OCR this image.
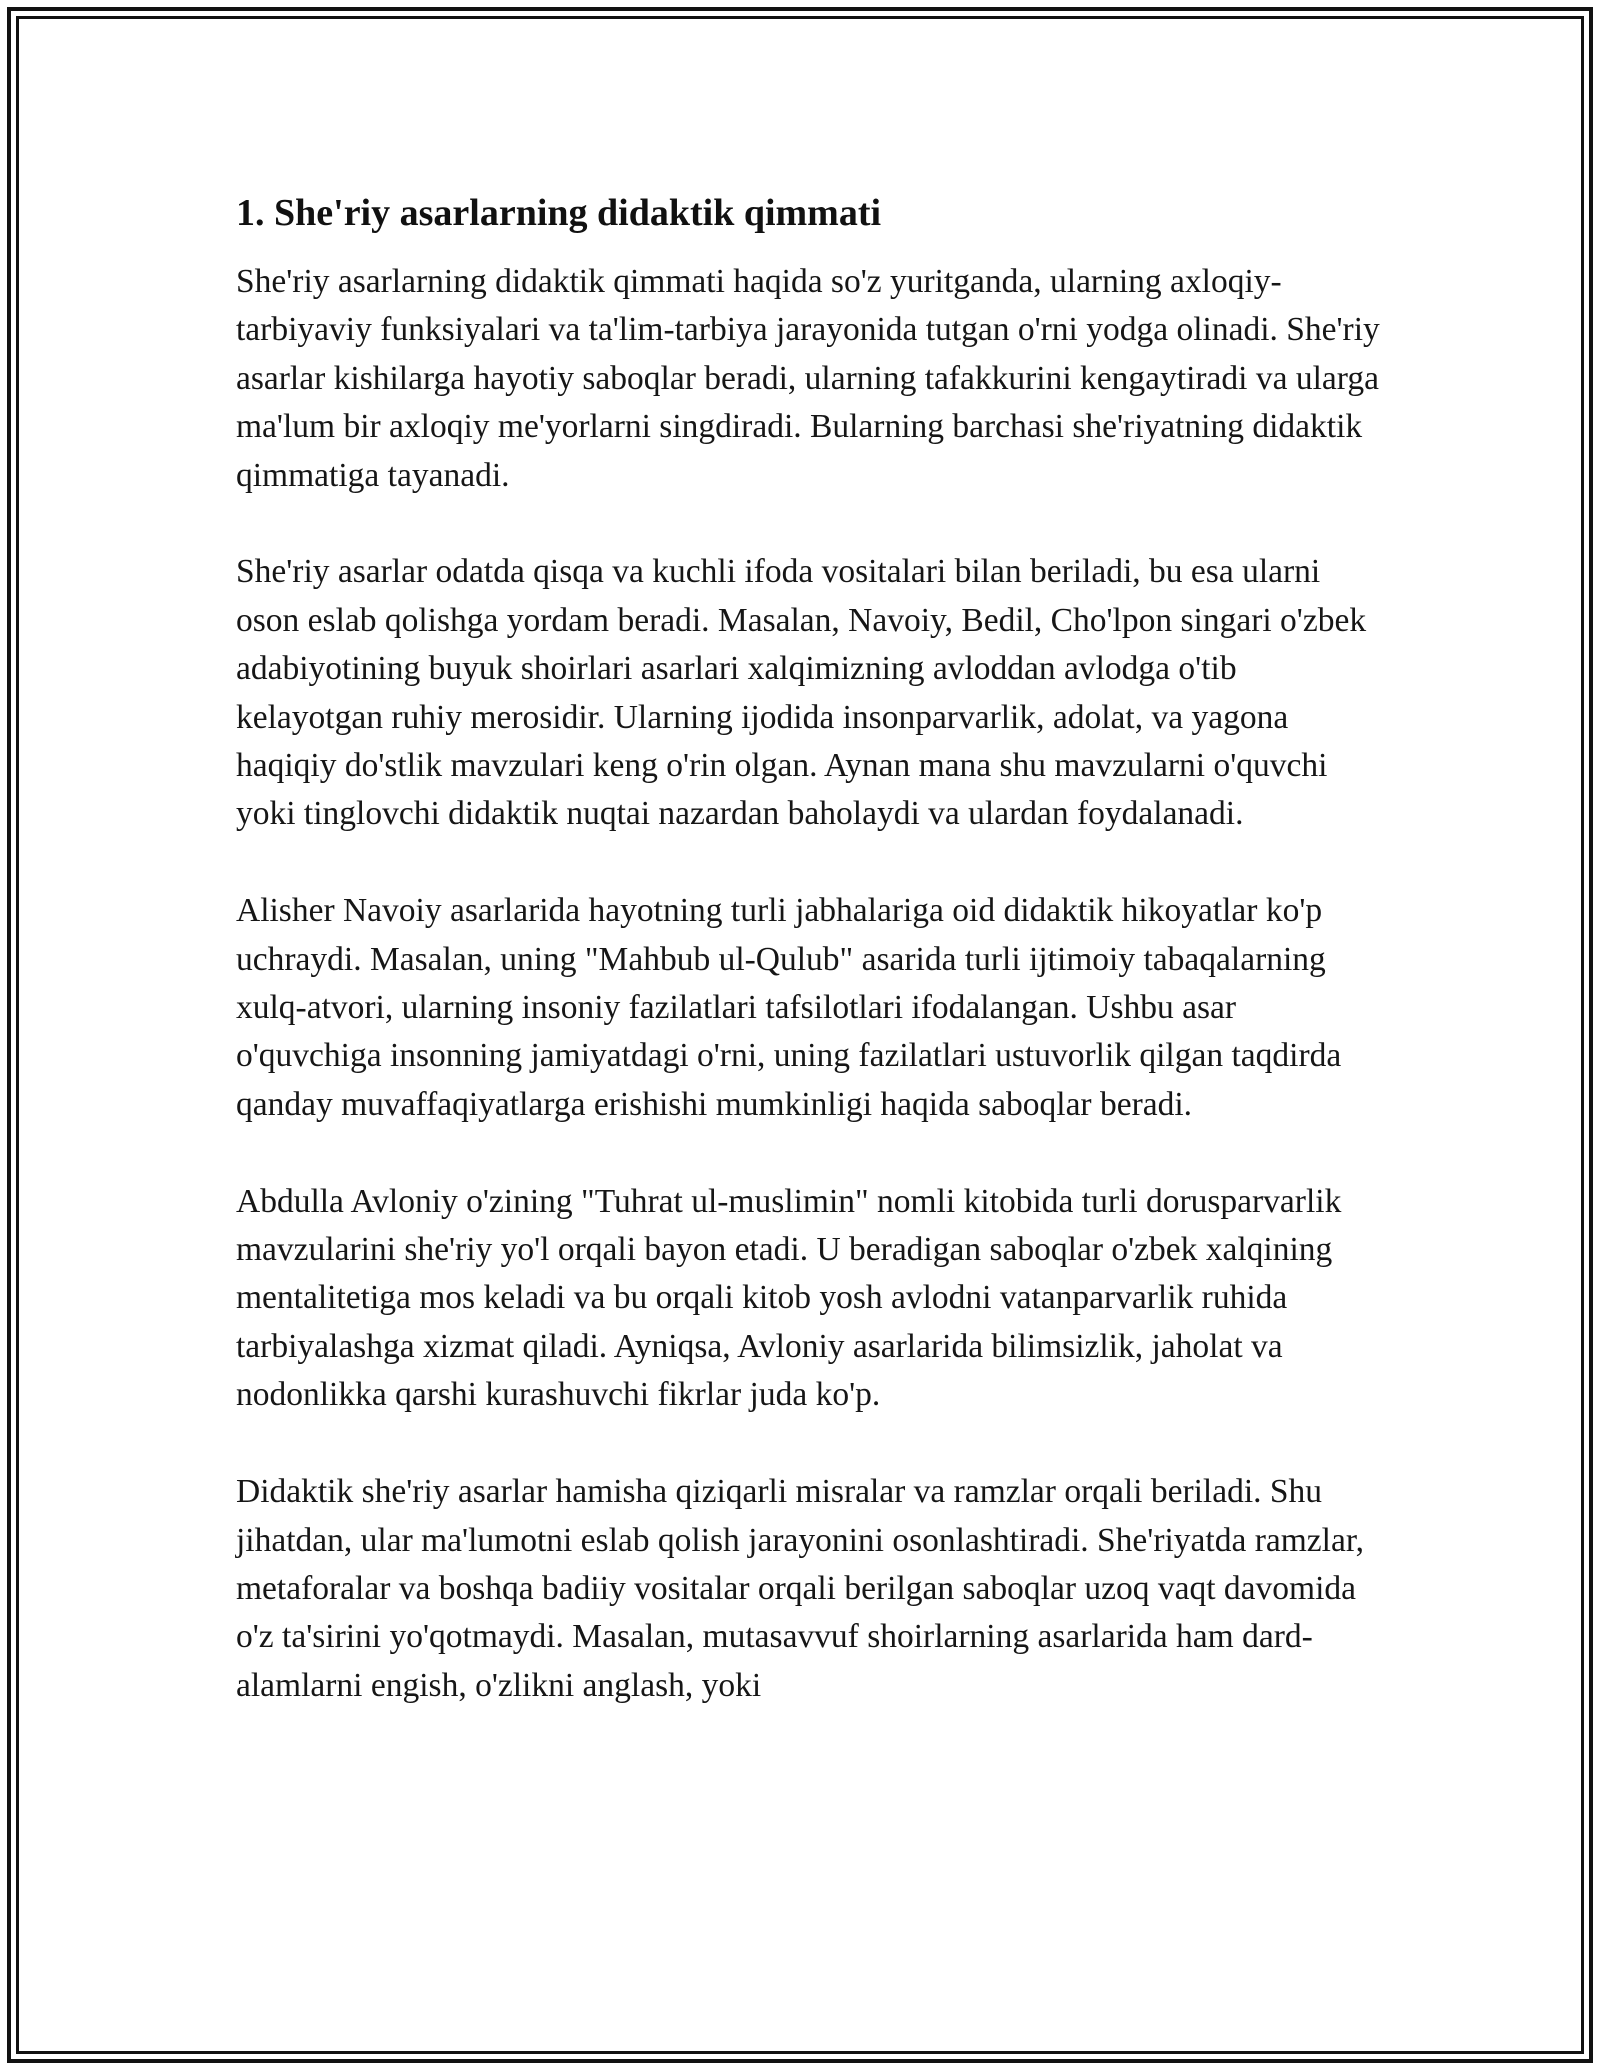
1. She'riy asarlarning didaktik qimmati

She'riy asarlarning didaktik qimmati haqida so'z yuritganda, ularning axloqiy-tarbiyaviy funksiyalari va ta'lim-tarbiya jarayonida tutgan o'rni yodga olinadi. She'riy asarlar kishilarga hayotiy saboqlar beradi, ularning tafakkurini kengaytiradi va ularga ma'lum bir axloqiy me'yorlarni singdiradi. Bularning barchasi she'riyatning didaktik qimmatiga tayanadi.

She'riy asarlar odatda qisqa va kuchli ifoda vositalari bilan beriladi, bu esa ularni oson eslab qolishga yordam beradi. Masalan, Navoiy, Bedil, Cho'lpon singari o'zbek adabiyotining buyuk shoirlari asarlari xalqimizning avloddan avlodga o'tib kelayotgan ruhiy merosidir. Ularning ijodida insonparvarlik, adolat, va yagona haqiqiy do'stlik mavzulari keng o'rin olgan. Aynan mana shu mavzularni o'quvchi yoki tinglovchi didaktik nuqtai nazardan baholaydi va ulardan foydalanadi.

Alisher Navoiy asarlarida hayotning turli jabhalariga oid didaktik hikoyatlar ko'p uchraydi. Masalan, uning "Mahbub ul-Qulub" asarida turli ijtimoiy tabaqalarning xulq-atvori, ularning insoniy fazilatlari tafsilotlari ifodalangan. Ushbu asar o'quvchiga insonning jamiyatdagi o'rni, uning fazilatlari ustuvorlik qilgan taqdirda qanday muvaffaqiyatlarga erishishi mumkinligi haqida saboqlar beradi.

Abdulla Avloniy o'zining "Tuhrat ul-muslimin" nomli kitobida turli dorusparvarlik mavzularini she'riy yo'l orqali bayon etadi. U beradigan saboqlar o'zbek xalqining mentalitetiga mos keladi va bu orqali kitob yosh avlodni vatanparvarlik ruhida tarbiyalashga xizmat qiladi. Ayniqsa, Avloniy asarlarida bilimsizlik, jaholat va nodonlikka qarshi kurashuvchi fikrlar juda ko'p.

Didaktik she'riy asarlar hamisha qiziqarli misralar va ramzlar orqali beriladi. Shu jihatdan, ular ma'lumotni eslab qolish jarayonini osonlashtiradi. She'riyatda ramzlar, metaforalar va boshqa badiiy vositalar orqali berilgan saboqlar uzoq vaqt davomida o'z ta'sirini yo'qotmaydi. Masalan, mutasavvuf shoirlarning asarlarida ham dard-alamlarni engish, o'zlikni anglash, yoki
